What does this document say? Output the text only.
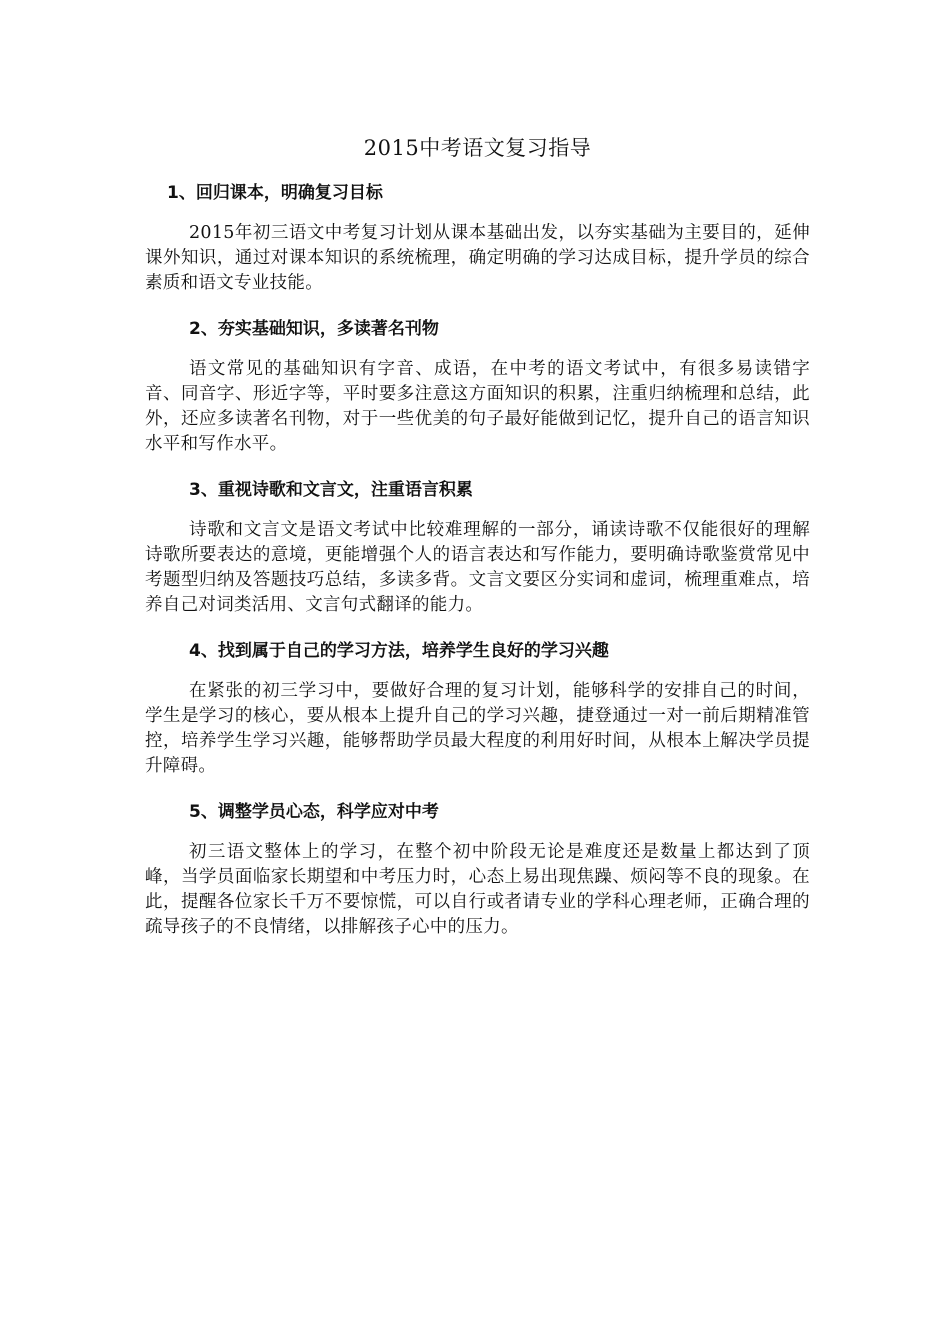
2015中考语文复习指导
1、回归课本，明确复习目标

2015年初三语文中考复习计划从课本基础出发，以夯实基础为主要目的，延伸课外知识，通过对课本知识的系统梳理，确定明确的学习达成目标，提升学员的综合素质和语文专业技能。

2、夯实基础知识，多读著名刊物

语文常见的基础知识有字音、成语，在中考的语文考试中，有很多易读错字音、同音字、形近字等，平时要多注意这方面知识的积累，注重归纳梳理和总结，此外，还应多读著名刊物，对于一些优美的句子最好能做到记忆，提升自己的语言知识水平和写作水平。

3、重视诗歌和文言文，注重语言积累

诗歌和文言文是语文考试中比较难理解的一部分，诵读诗歌不仅能很好的理解诗歌所要表达的意境，更能增强个人的语言表达和写作能力，要明确诗歌鉴赏常见中考题型归纳及答题技巧总结，多读多背。文言文要区分实词和虚词，梳理重难点，培养自己对词类活用、文言句式翻译的能力。

4、找到属于自己的学习方法，培养学生良好的学习兴趣

在紧张的初三学习中，要做好合理的复习计划，能够科学的安排自己的时间，学生是学习的核心，要从根本上提升自己的学习兴趣，捷登通过一对一前后期精准管控，培养学生学习兴趣，能够帮助学员最大程度的利用好时间，从根本上解决学员提升障碍。

5、调整学员心态，科学应对中考

初三语文整体上的学习，在整个初中阶段无论是难度还是数量上都达到了顶峰，当学员面临家长期望和中考压力时，心态上易出现焦躁、烦闷等不良的现象。在此，提醒各位家长千万不要惊慌，可以自行或者请专业的学科心理老师，正确合理的疏导孩子的不良情绪，以排解孩子心中的压力。
